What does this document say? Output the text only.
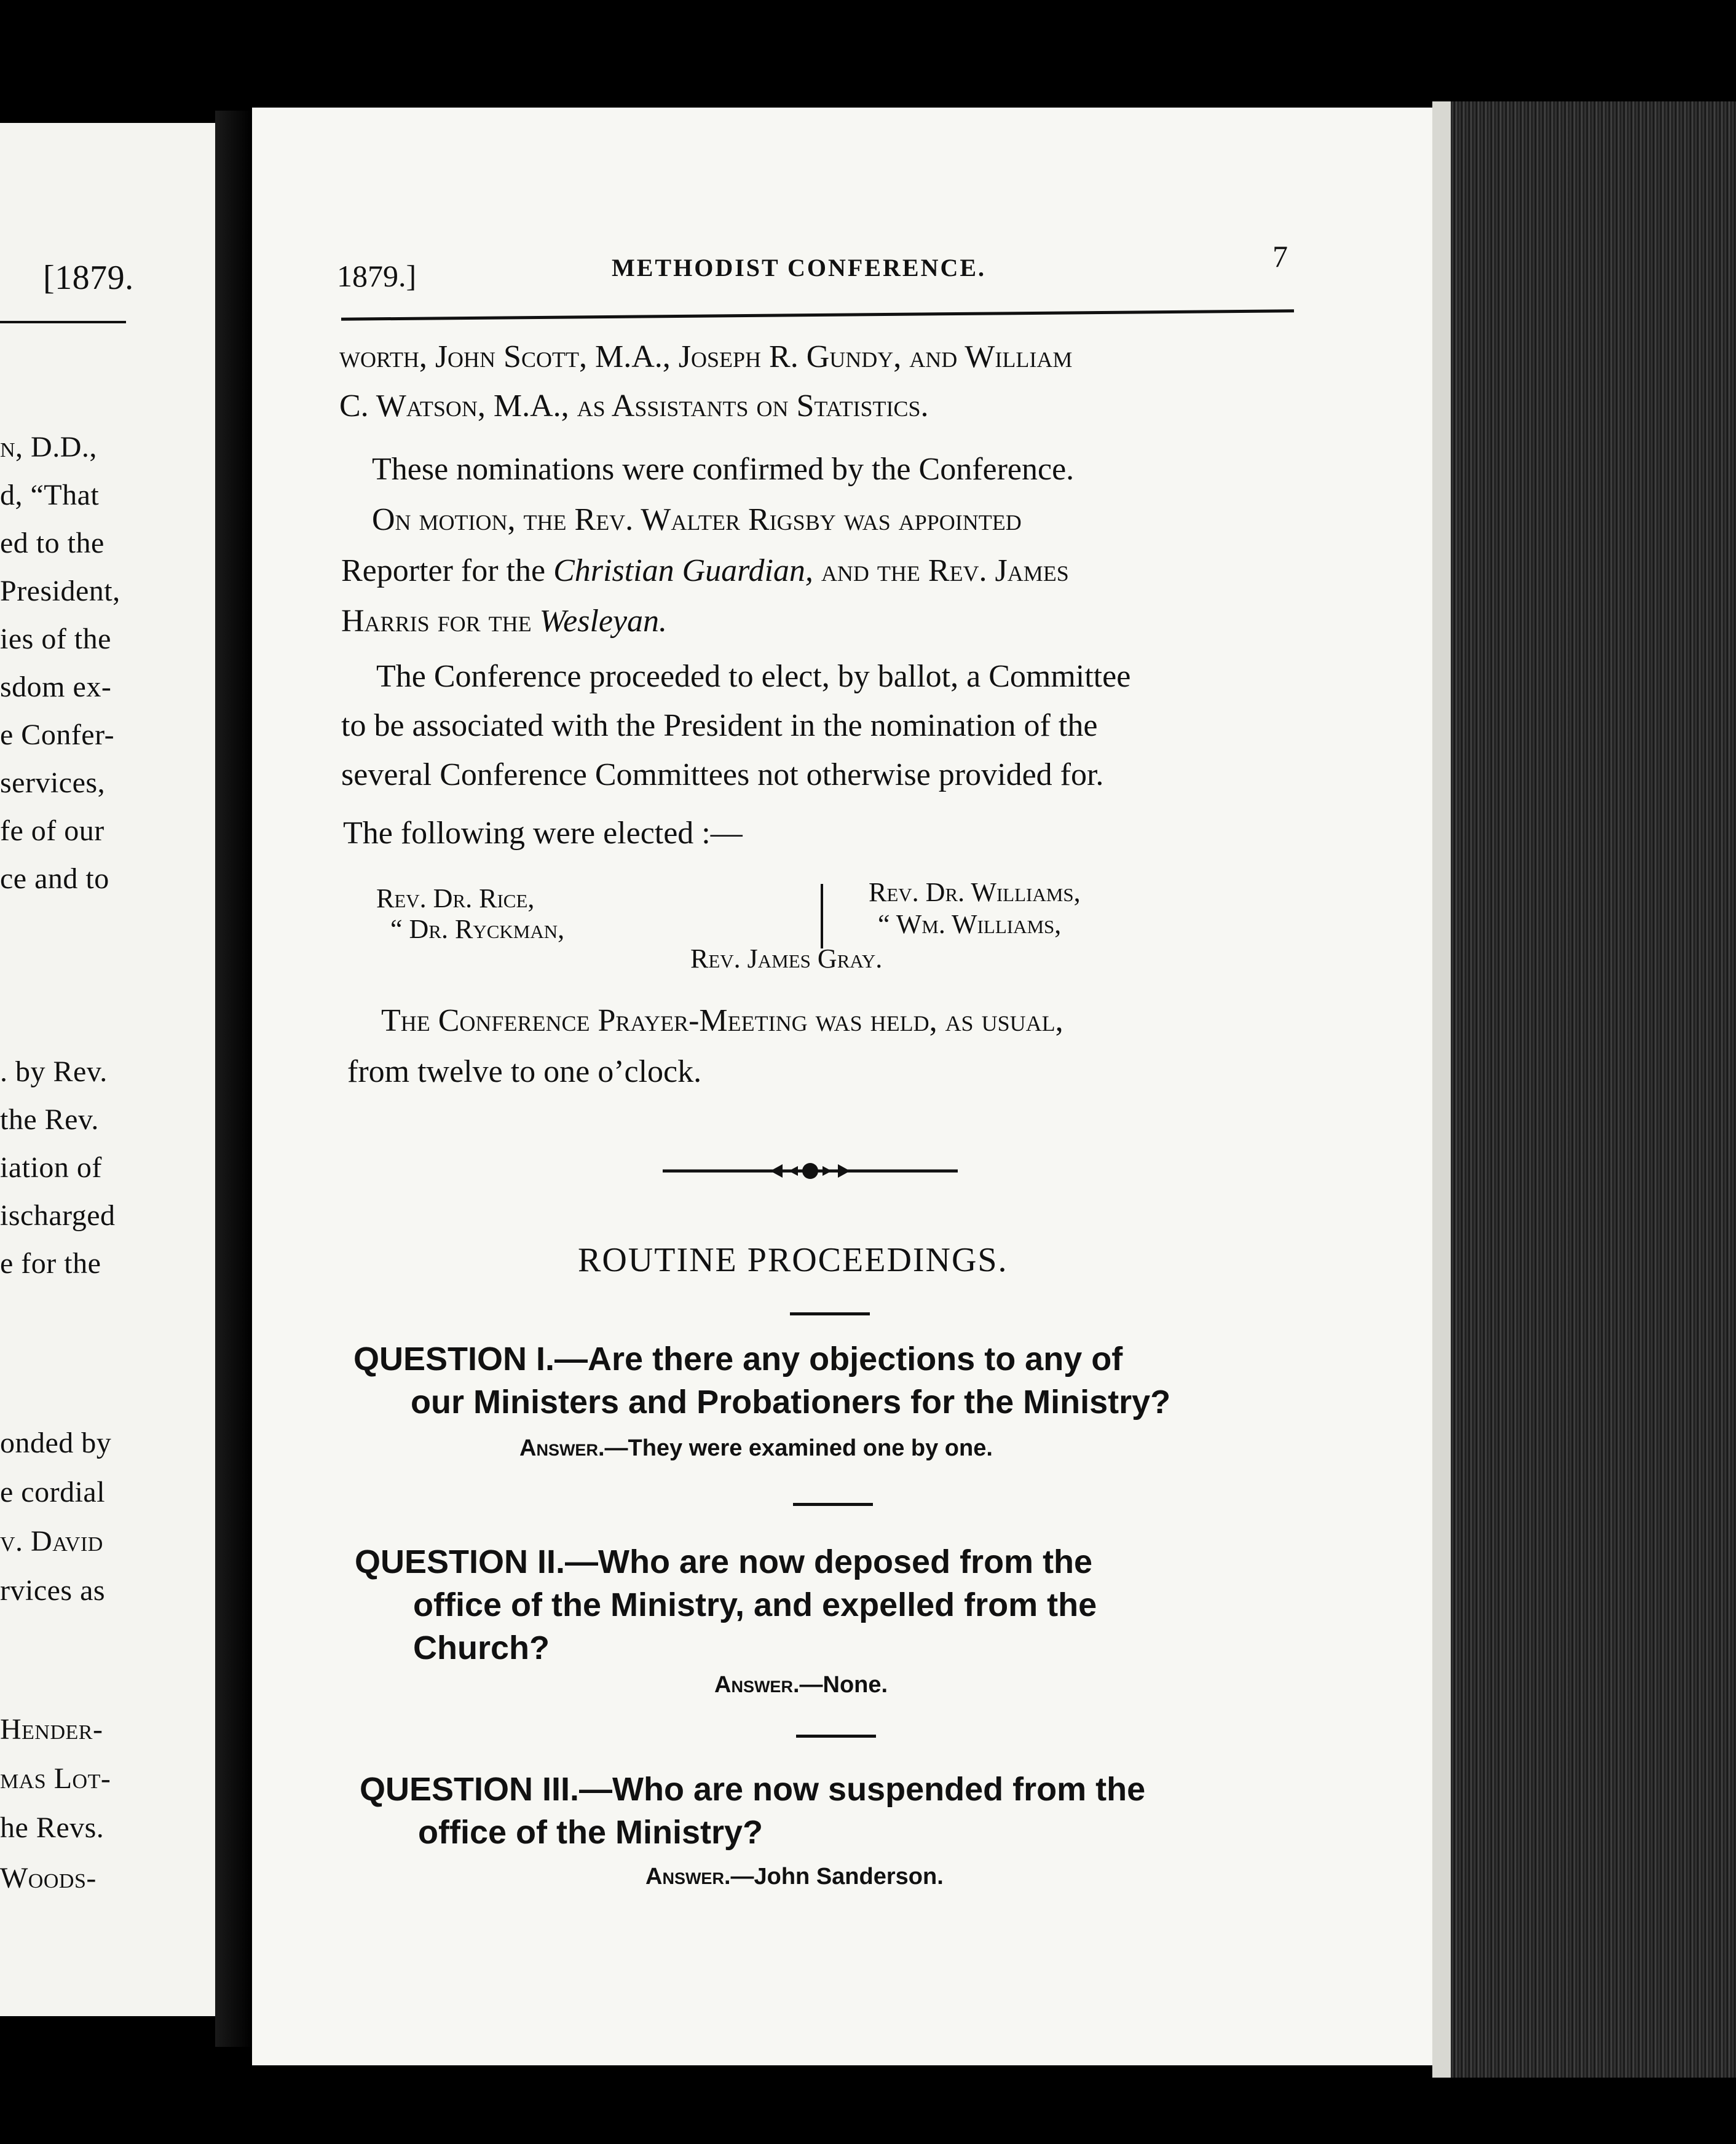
[1879.
n, D.D.,
d, “That
ed to the
President,
ies of the
sdom ex-
e Confer-
services,
fe of our
ce and to
. by Rev.
the Rev.
iation of
ischarged
e for the
onded by
e cordial
v. David
rvices as
Hender-
mas Lot-
he Revs.
Woods-
1879.]	METHODIST CONFERENCE.	7
worth, John Scott, M.A., Joseph R. Gundy, and William
C. Watson, M.A., as Assistants on Statistics.
These nominations were confirmed by the Conference.
On motion, the Rev. Walter Rigsby was appointed
Reporter for the Christian Guardian, and the Rev. James
Harris for the Wesleyan.
The Conference proceeded to elect, by ballot, a Committee
to be associated with the President in the nomination of the
several Conference Committees not otherwise provided for.
The following were elected :—
Rev. Dr. Rice,
“ Dr. Ryckman,
Rev. Dr. Williams,
“ Wm. Williams,
Rev. James Gray.
The Conference Prayer-Meeting was held, as usual,
from twelve to one o’clock.
ROUTINE PROCEEDINGS.
QUESTION I.—Are there any objections to any of
our Ministers and Probationers for the Ministry?
Answer.—They were examined one by one.
QUESTION II.—Who are now deposed from the
office of the Ministry, and expelled from the
Church?
Answer.—None.
QUESTION III.—Who are now suspended from the
office of the Ministry?
Answer.—John Sanderson.
